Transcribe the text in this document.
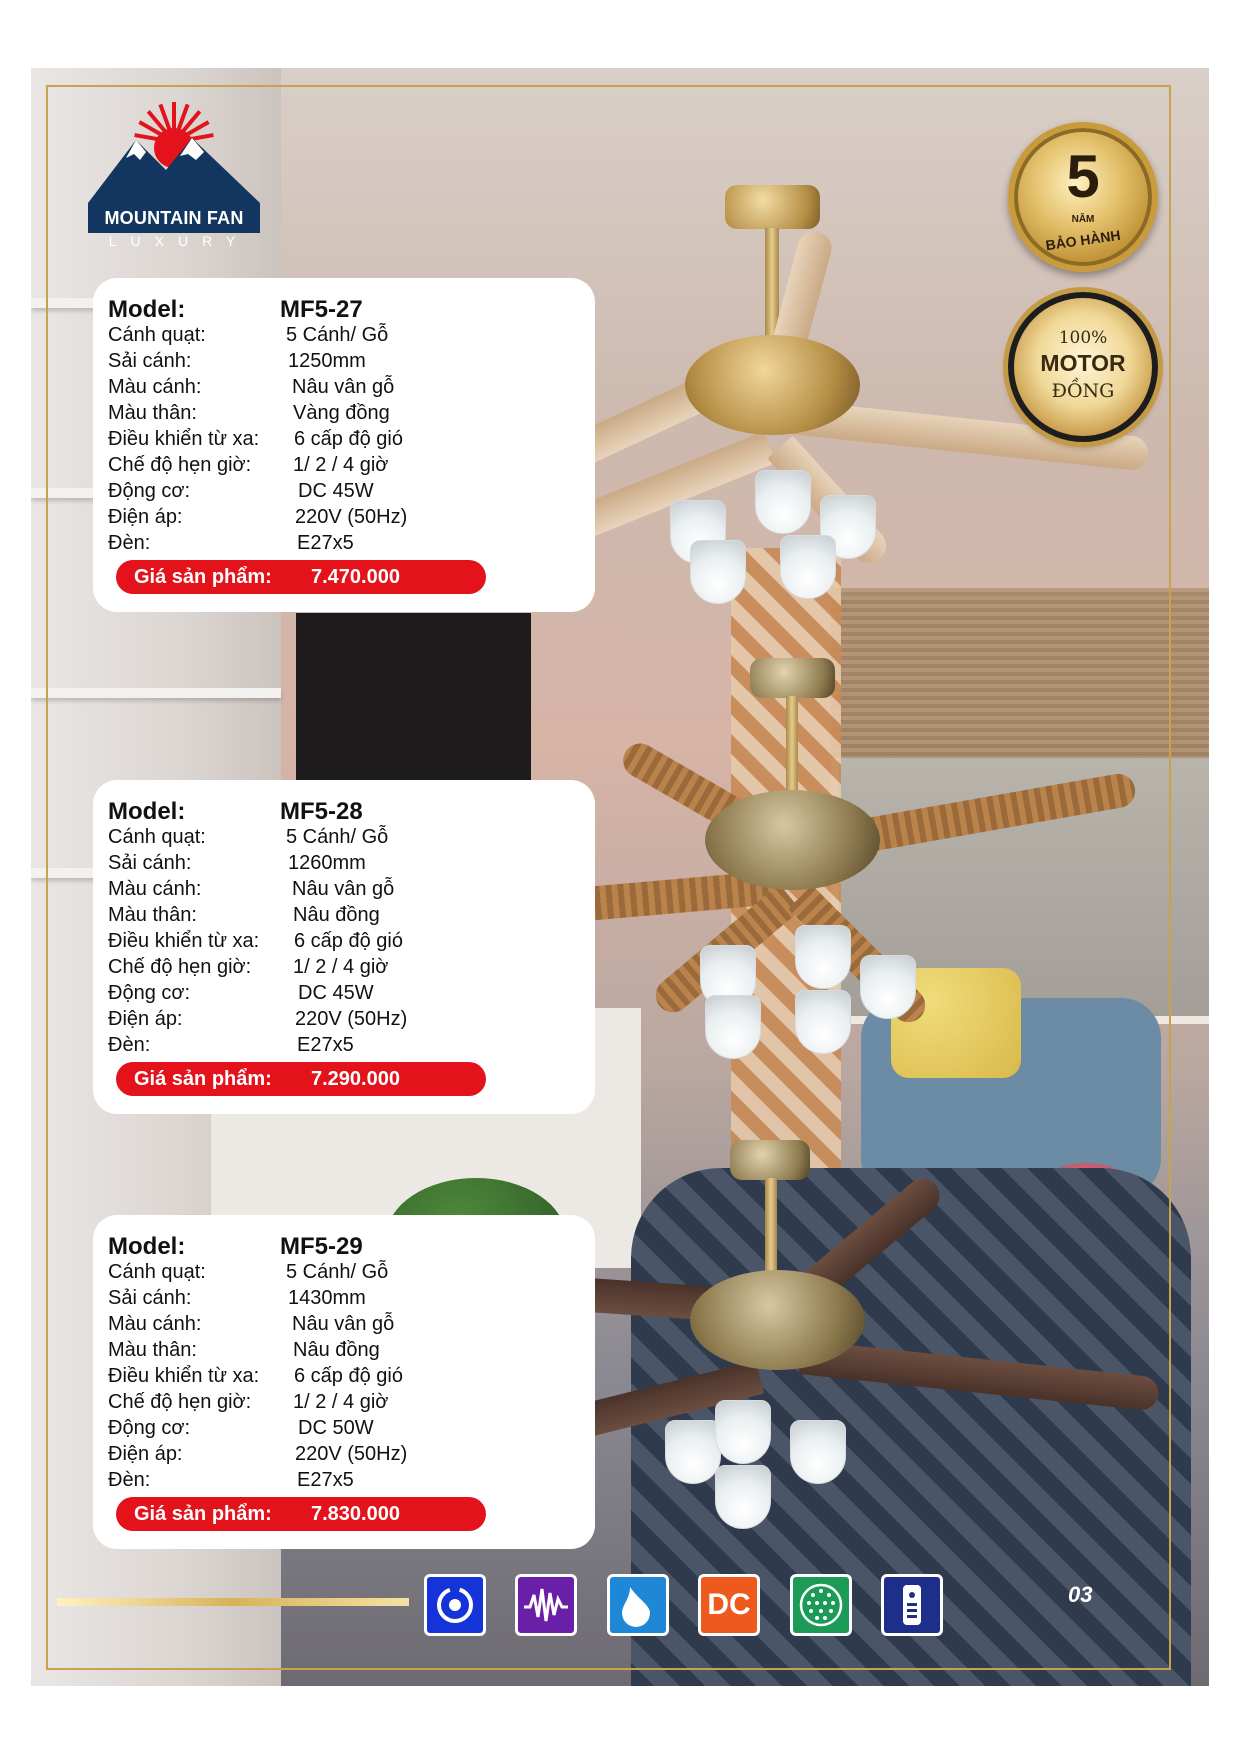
MOUNTAIN FAN
LUXURY
5
NĂM
BẢO HÀNH
100%
MOTOR
ĐỒNG
Model:	MF5-27
Cánh quạt:	5 Cánh/ Gỗ
Sải cánh:	1250mm
Màu cánh:	Nâu vân gỗ
Màu thân:	Vàng đồng
Điều khiển từ xa: 6 cấp độ gió
Chế độ hẹn giờ: 1/ 2 / 4 giờ
Động cơ:	DC 45W
Điện áp:	220V (50Hz)
Đèn:	E27x5
Giá sản phẩm: 7.470.000
Model:	MF5-28
Cánh quạt:	5 Cánh/ Gỗ
Sải cánh:	1260mm
Màu cánh:	Nâu vân gỗ
Màu thân:	Nâu đồng
Điều khiển từ xa: 6 cấp độ gió
Chế độ hẹn giờ: 1/ 2 / 4 giờ
Động cơ:	DC 45W
Điện áp:	220V (50Hz)
Đèn:	E27x5
Giá sản phẩm: 7.290.000
Model:	MF5-29
Cánh quạt:	5 Cánh/ Gỗ
Sải cánh:	1430mm
Màu cánh:	Nâu vân gỗ
Màu thân:	Nâu đồng
Điều khiển từ xa: 6 cấp độ gió
Chế độ hẹn giờ: 1/ 2 / 4 giờ
Động cơ:	DC 50W
Điện áp:	220V (50Hz)
Đèn:	E27x5
Giá sản phẩm: 7.830.000
DC	03
